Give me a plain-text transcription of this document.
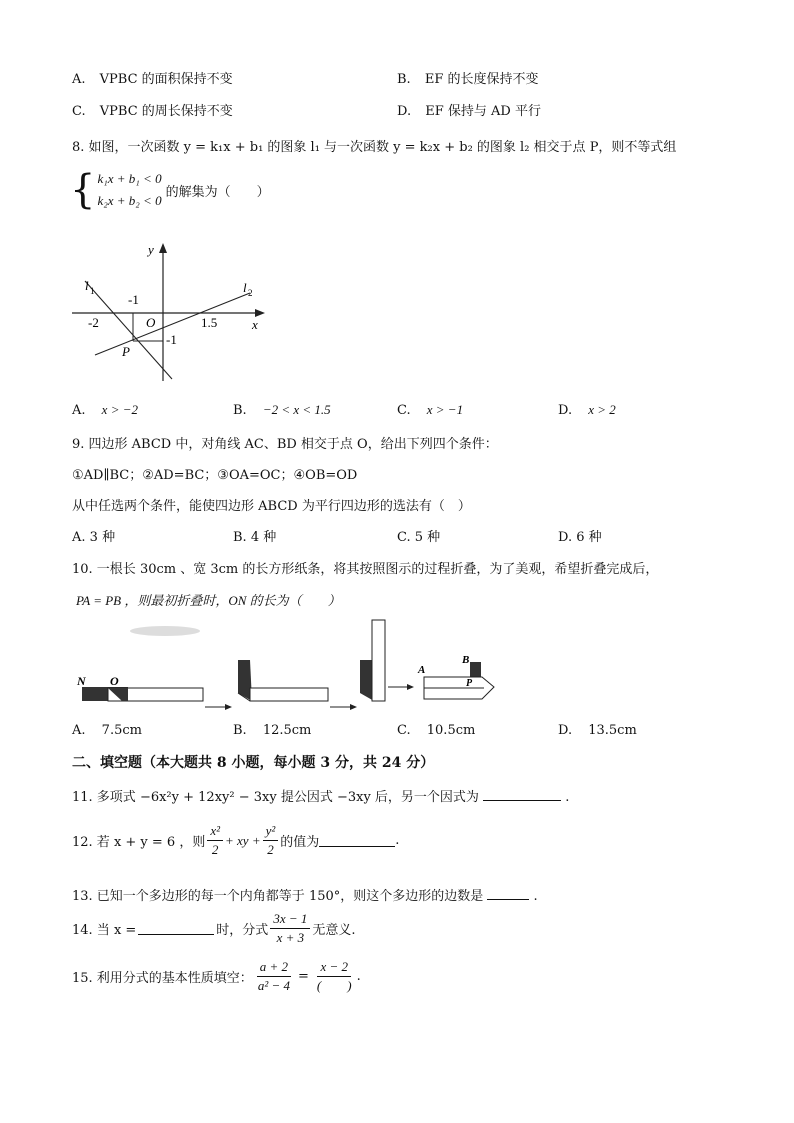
A. VPBC 的面积保持不变	B. EF 的长度保持不变
C. VPBC 的周长保持不变	D. EF 保持与 AD 平行
8. 如图，一次函数 y = k₁x + b₁ 的图象 l₁ 与一次函数 y = k₂x + b₂ 的图象 l₂ 相交于点 P，则不等式组
{ k₁x + b₁ < 0
k₂x + b₂ < 0
的解集为（　　）
y
x
l 1	l 2
-1
-2	O	1.5
P
-1
A. x > −2	B. −2 < x < 1.5	C. x > −1	D. x > 2
9. 四边形 ABCD 中，对角线 AC、BD 相交于点 O，给出下列四个条件：
①AD∥BC；②AD=BC；③OA=OC；④OB=OD
从中任选两个条件，能使四边形 ABCD 为平行四边形的选法有（　）
A. 3 种	B. 4 种	C. 5 种	D. 6 种
10. 一根长 30cm 、宽 3cm 的长方形纸条，将其按照图示的过程折叠，为了美观，希望折叠完成后，
PA = PB ，则最初折叠时，ON 的长为（　　）
N O
A
B
P
A. 7.5cm	B. 12.5cm	C. 10.5cm	D. 13.5cm
二、填空题（本大题共 8 小题，每小题 3 分，共 24 分）
11. 多项式 −6x²y + 12xy² − 3xy 提公因式 −3xy 后，另一个因式为	.
12. 若 x + y = 6 ，则 $\frac{\text{x²}}{2}$ + xy + $\frac{\text{y²}}{2}$ 的值为	.
13. 已知一个多边形的每一个内角都等于 150°，则这个多边形的边数是	.
14. 当 x =	时，分式 $\frac{3x - 1}{x + 3}$ 无意义.
15. 利用分式的基本性质填空： $\frac{a + 2}{\text{a² − 4}} = \frac{x - 2}{( )}$ .
